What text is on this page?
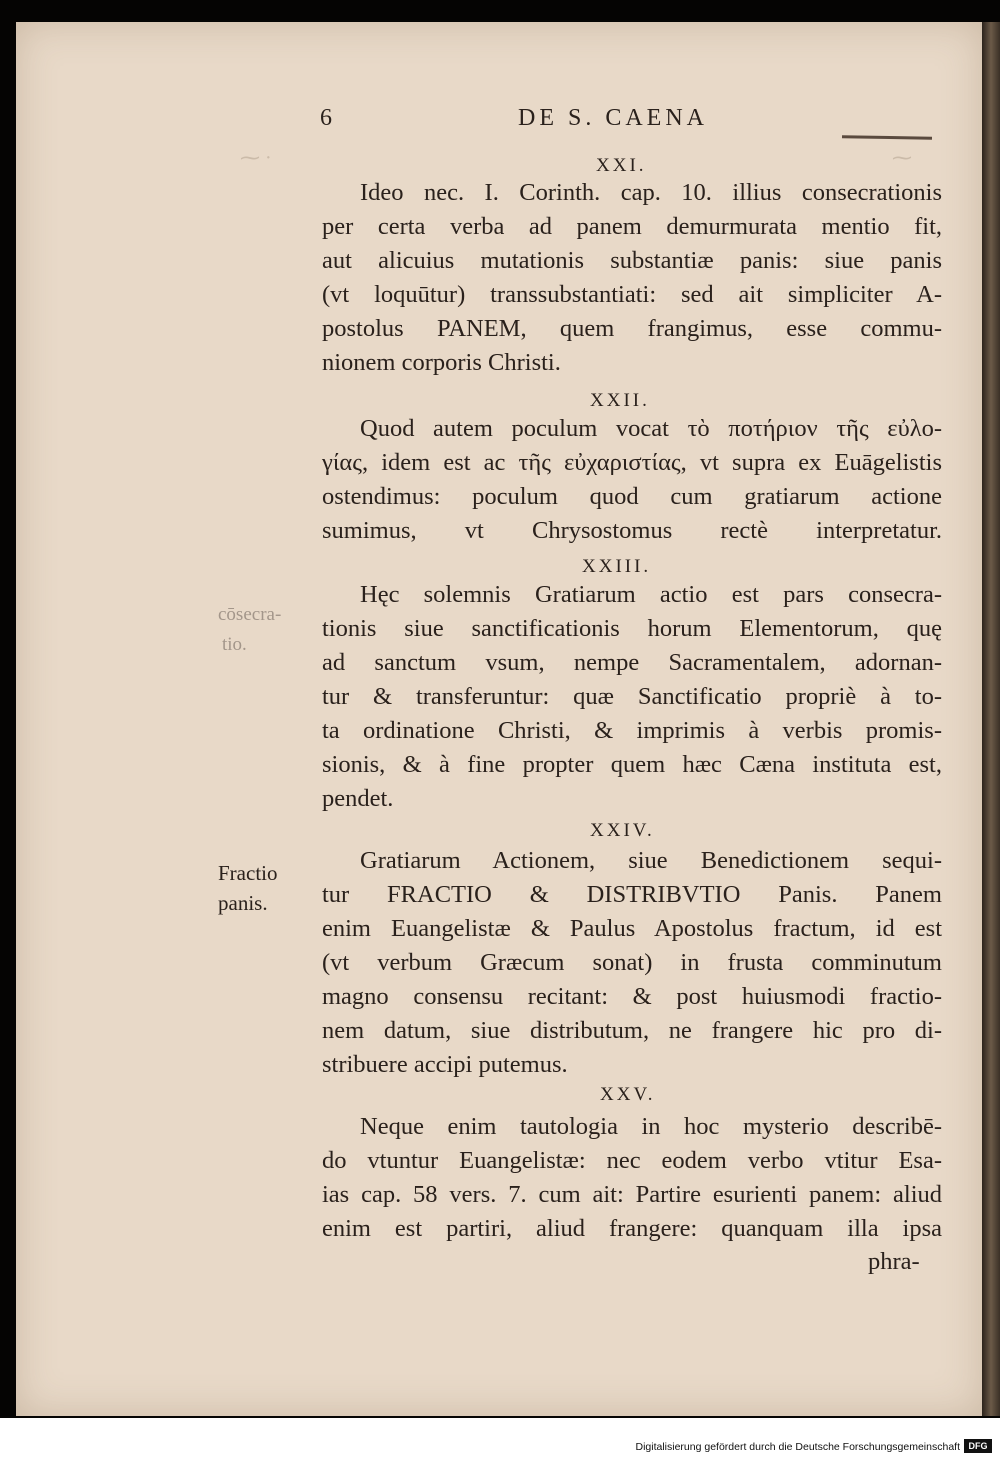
⁓ ·	⁓
6	DE S. CAENA
XXI.
Ideo nec. I. Corinth. cap. 10. illius consecrationis
per certa verba ad panem demurmurata mentio fit,
aut alicuius mutationis substantiæ panis: siue panis
(vt loquūtur) transsubstantiati: sed ait simpliciter A-
postolus PANEM, quem frangimus, esse commu-
nionem corporis Christi.
XXII.
Quod autem poculum vocat τὸ ποτήριον τῆς εὐλο-
γίας, idem est ac τῆς εὐχαριστίας, vt supra ex Euāgelistis
ostendimus: poculum quod cum gratiarum actione
sumimus, vt Chrysostomus rectè interpretatur.
XXIII.
Hęc solemnis Gratiarum actio est pars consecra-
tionis siue sanctificationis horum Elementorum, quę
ad sanctum vsum, nempe Sacramentalem, adornan-
tur & transferuntur: quæ Sanctificatio propriè à to-
ta ordinatione Christi, & imprimis à verbis promis-
sionis, & à fine propter quem hæc Cæna instituta est,
pendet.
cōsecra-
tio.
XXIV.
Gratiarum Actionem, siue Benedictionem sequi-
tur FRACTIO & DISTRIBVTIO Panis. Panem
enim Euangelistæ & Paulus Apostolus fractum, id est
(vt verbum Græcum sonat) in frusta comminutum
magno consensu recitant: & post huiusmodi fractio-
nem datum, siue distributum, ne frangere hic pro di-
stribuere accipi putemus.
Fractio
panis.
XXV.
Neque enim tautologia in hoc mysterio describē-
do vtuntur Euangelistæ: nec eodem verbo vtitur Esa-
ias cap. 58 vers. 7. cum ait: Partire esurienti panem: aliud
enim est partiri, aliud frangere: quanquam illa ipsa
phra-
Digitalisierung gefördert durch die Deutsche Forschungsgemeinschaft DFG
